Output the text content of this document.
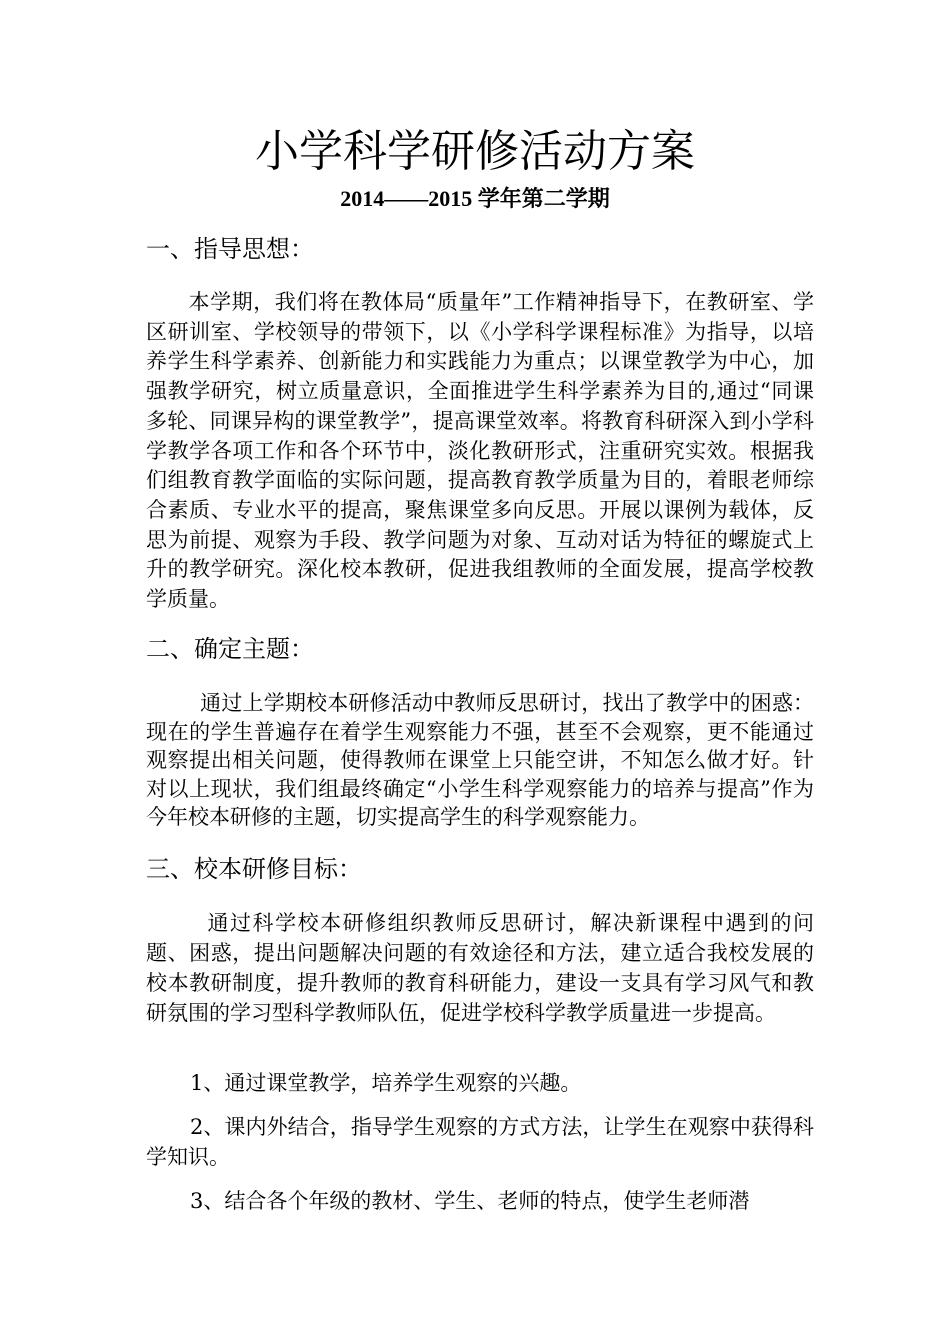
小学科学研修活动方案
2014——2015 学年第二学期
一、指导思想：

本学期，我们将在教体局“质量年”工作精神指导下，在教研室、学区研训室、学校领导的带领下，以《小学科学课程标准》为指导，以培养学生科学素养、创新能力和实践能力为重点；以课堂教学为中心，加强教学研究，树立质量意识，全面推进学生科学素养为目的,通过“同课多轮、同课异构的课堂教学”，提高课堂效率。将教育科研深入到小学科学教学各项工作和各个环节中，淡化教研形式，注重研究实效。根据我们组教育教学面临的实际问题，提高教育教学质量为目的，着眼老师综合素质、专业水平的提高，聚焦课堂多向反思。开展以课例为载体，反思为前提、观察为手段、教学问题为对象、互动对话为特征的螺旋式上升的教学研究。深化校本教研，促进我组教师的全面发展，提高学校教学质量。

二、确定主题：

通过上学期校本研修活动中教师反思研讨，找出了教学中的困惑：现在的学生普遍存在着学生观察能力不强，甚至不会观察，更不能通过观察提出相关问题，使得教师在课堂上只能空讲，不知怎么做才好。针对以上现状，我们组最终确定“小学生科学观察能力的培养与提高”作为今年校本研修的主题，切实提高学生的科学观察能力。

三、校本研修目标：

通过科学校本研修组织教师反思研讨，解决新课程中遇到的问题、困惑，提出问题解决问题的有效途径和方法，建立适合我校发展的校本教研制度，提升教师的教育科研能力，建设一支具有学习风气和教研氛围的学习型科学教师队伍，促进学校科学教学质量进一步提高。

1、通过课堂教学，培养学生观察的兴趣。

2、课内外结合，指导学生观察的方式方法，让学生在观察中获得科学知识。

3、结合各个年级的教材、学生、老师的特点，使学生老师潜
